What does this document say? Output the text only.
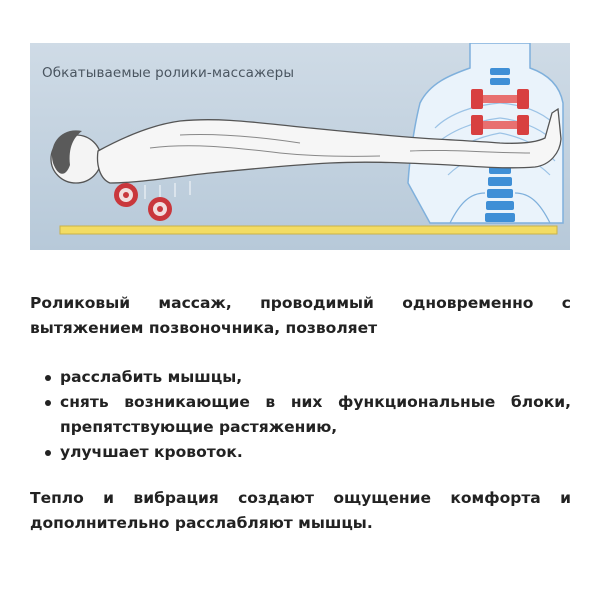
Обкатываемые ролики-массажеры
Роликовый массаж, проводимый одновременно с вытяжением позвоночника, позволяет
расслабить мышцы,
снять возникающие в них функциональные блоки, препятствующие растяжению,
улучшает кровоток.
Тепло и вибрация создают ощущение комфорта и дополнительно расслабляют мышцы.
